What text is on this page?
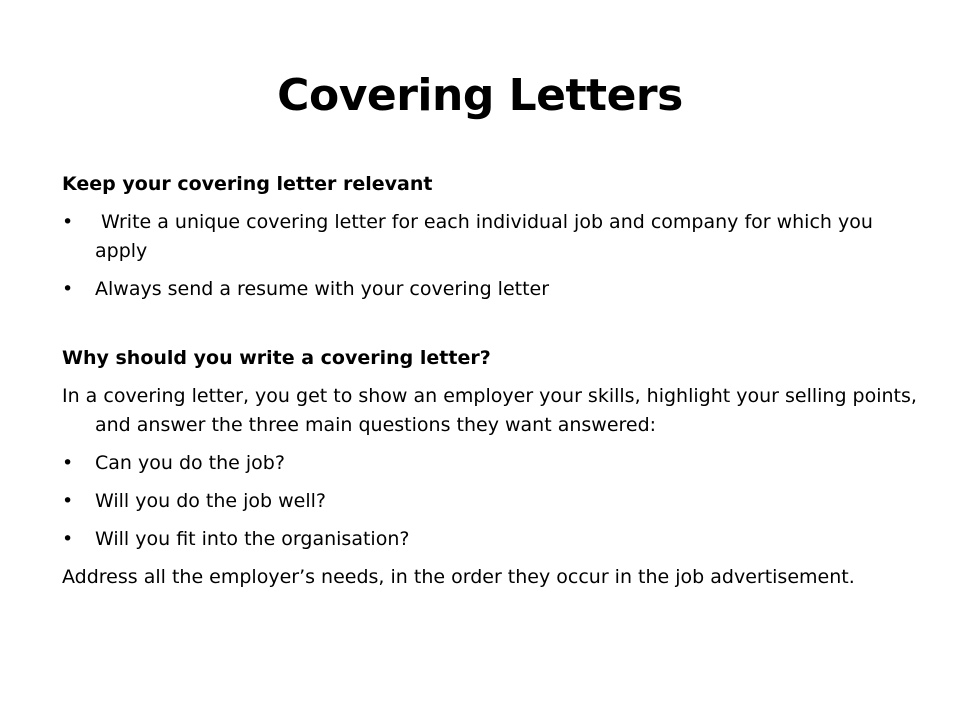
Covering Letters
Keep your covering letter relevant
•	Write a unique covering letter for each individual job and company for which you apply
•	Always send a resume with your covering letter
Why should you write a covering letter?
In a covering letter, you get to show an employer your skills, highlight your selling points, and answer the three main questions they want answered:
•	Can you do the job?
•	Will you do the job well?
•	Will you fit into the organisation?
Address all the employer’s needs, in the order they occur in the job advertisement.
